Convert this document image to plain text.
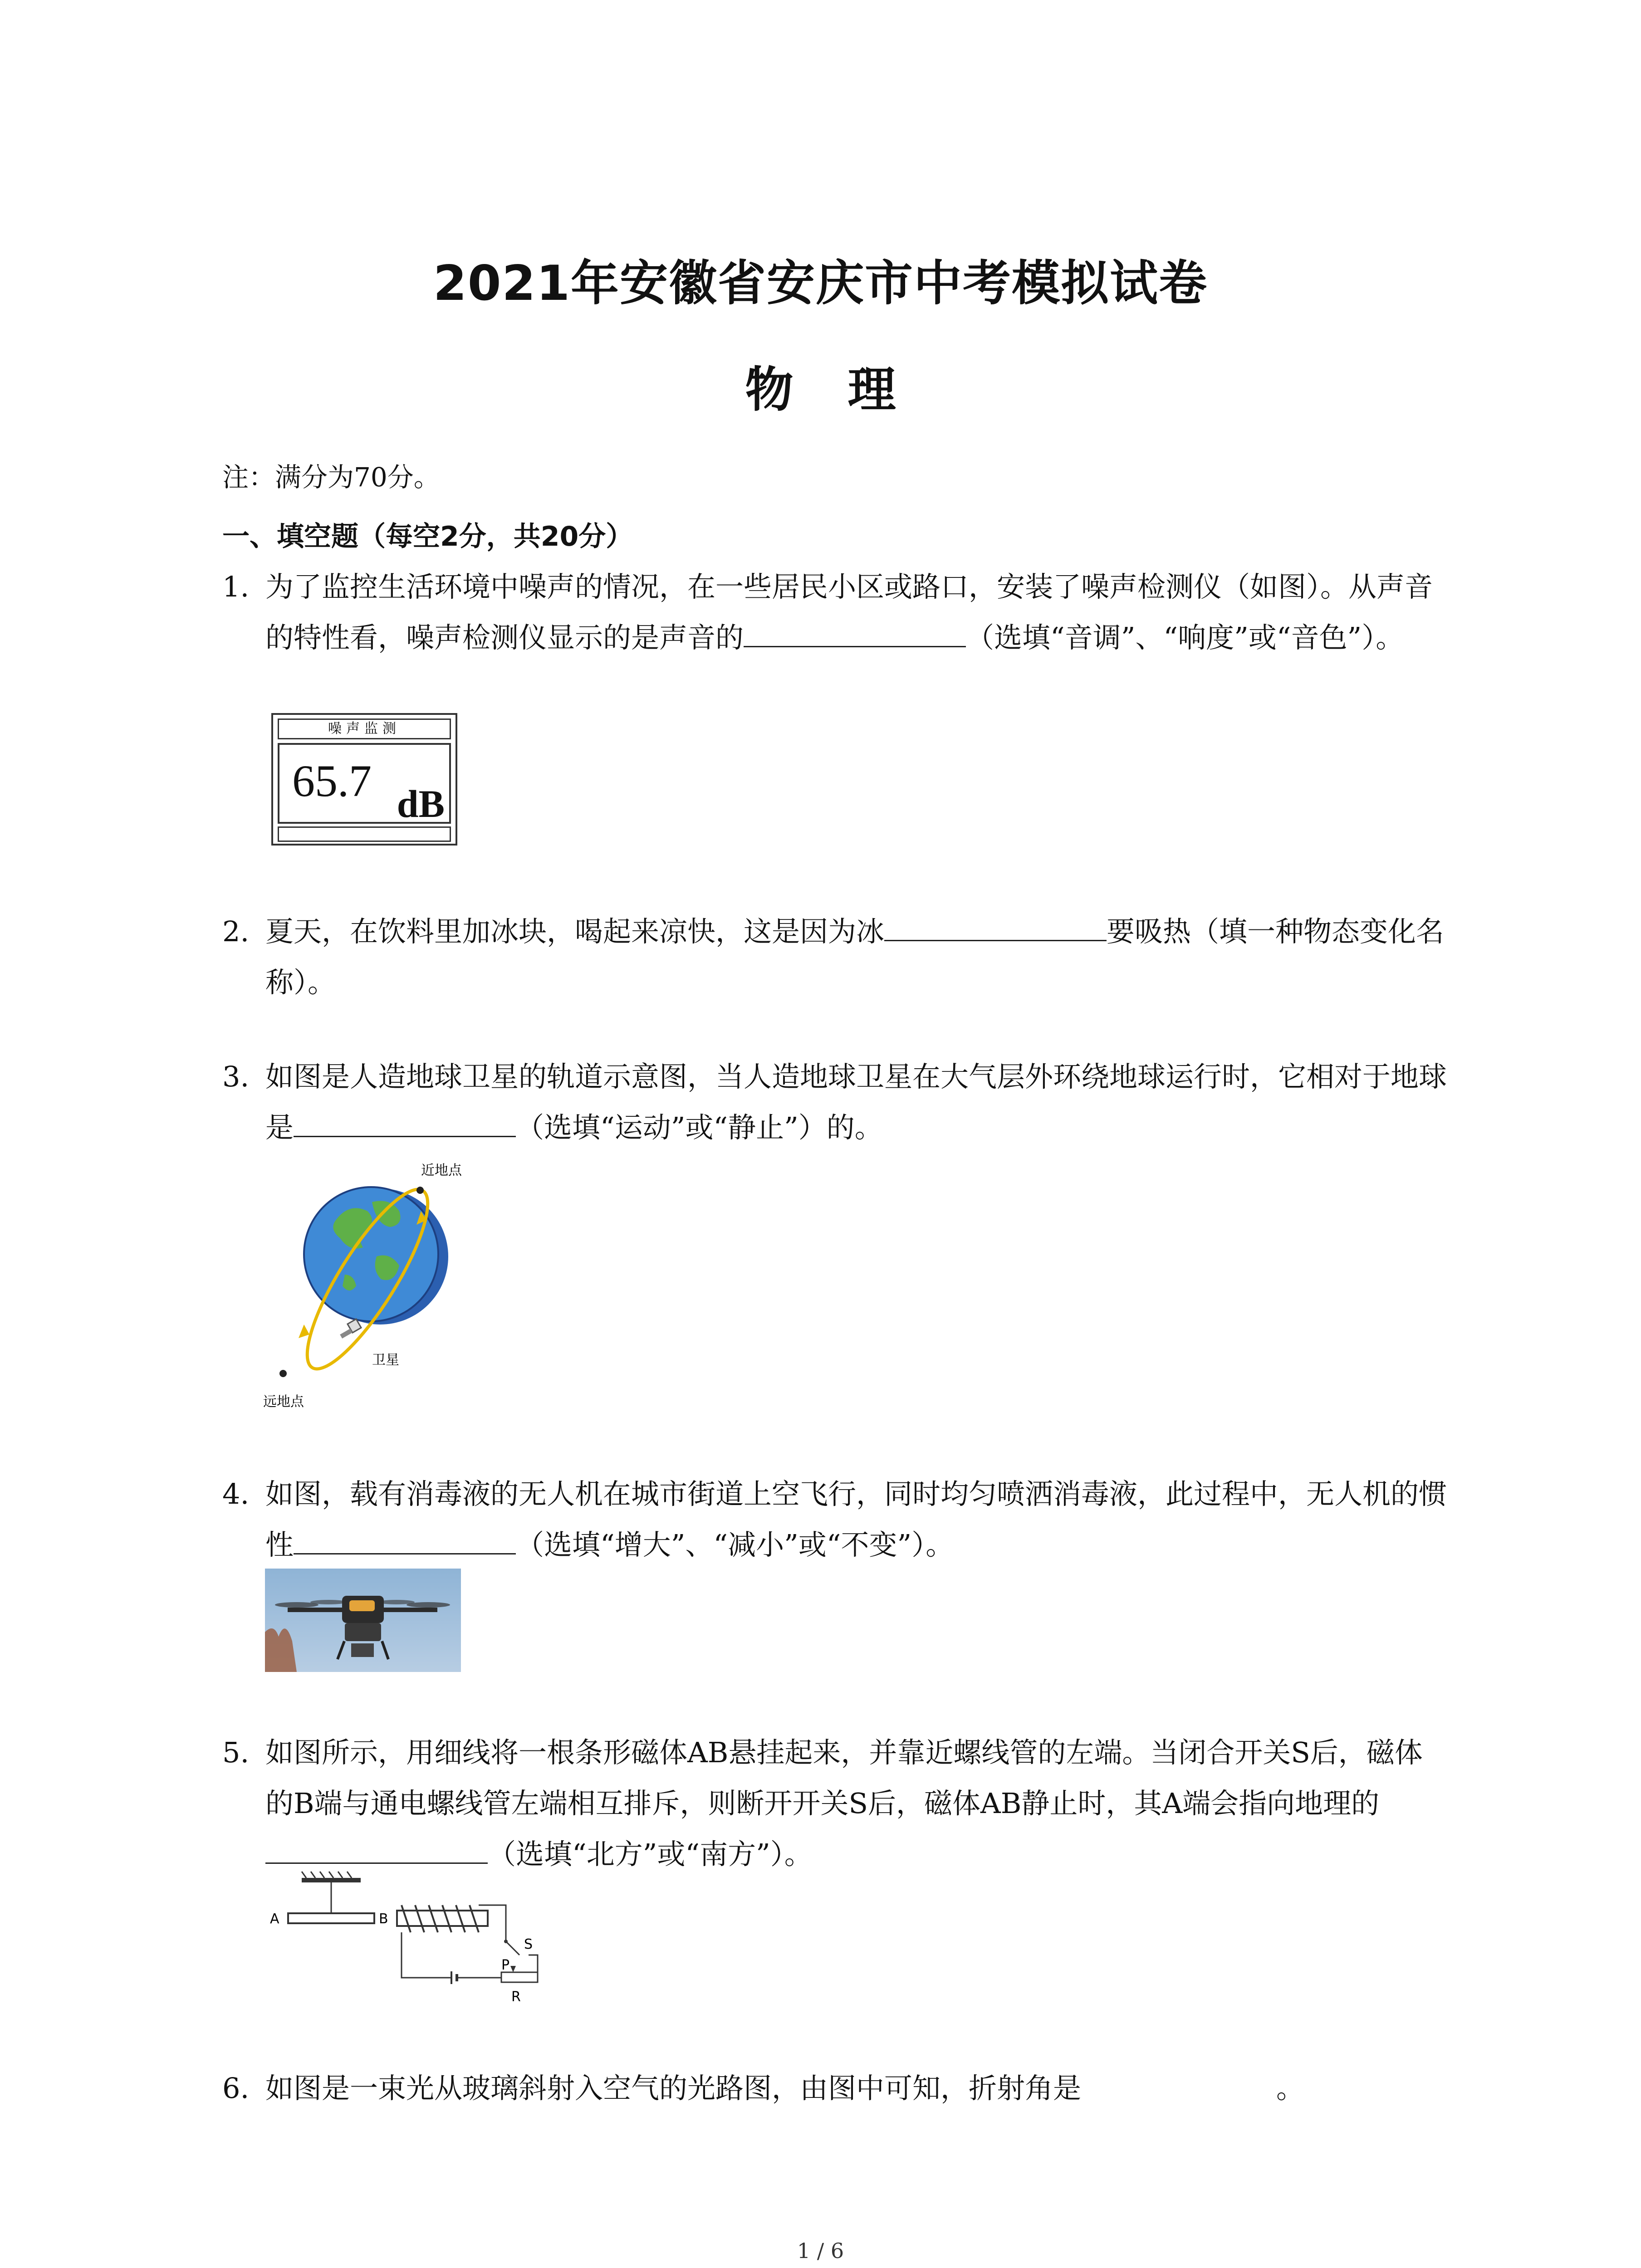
2021年安徽省安庆市中考模拟试卷
物理
注：满分为70分。
一、填空题（每空2分，共20分）
1. 为了监控生活环境中噪声的情况，在一些居民小区或路口，安装了噪声检测仪（如图）。从声音的特性看，噪声检测仪显示的是声音的	（选填“音调”、“响度”或“音色”）。
噪声监测
65.7 dB
2. 夏天，在饮料里加冰块，喝起来凉快，这是因为冰	要吸热（填一种物态变化名称）。
3. 如图是人造地球卫星的轨道示意图，当人造地球卫星在大气层外环绕地球运行时，它相对于地球是	（选填“运动”或“静止”）的。
近地点
远地点
卫星
4. 如图，载有消毒液的无人机在城市街道上空飞行，同时均匀喷洒消毒液，此过程中，无人机的惯性	（选填“增大”、“减小”或“不变”）。
5. 如图所示，用细线将一根条形磁体AB悬挂起来，并靠近螺线管的左端。当闭合开关S后，磁体的B端与通电螺线管左端相互排斥，则断开开关S后，磁体AB静止时，其A端会指向地理的（选填“北方”或“南方”）。
A	B
S
P
R
6. 如图是一束光从玻璃斜射入空气的光路图，由图中可知，折射角是	。
1 / 6
